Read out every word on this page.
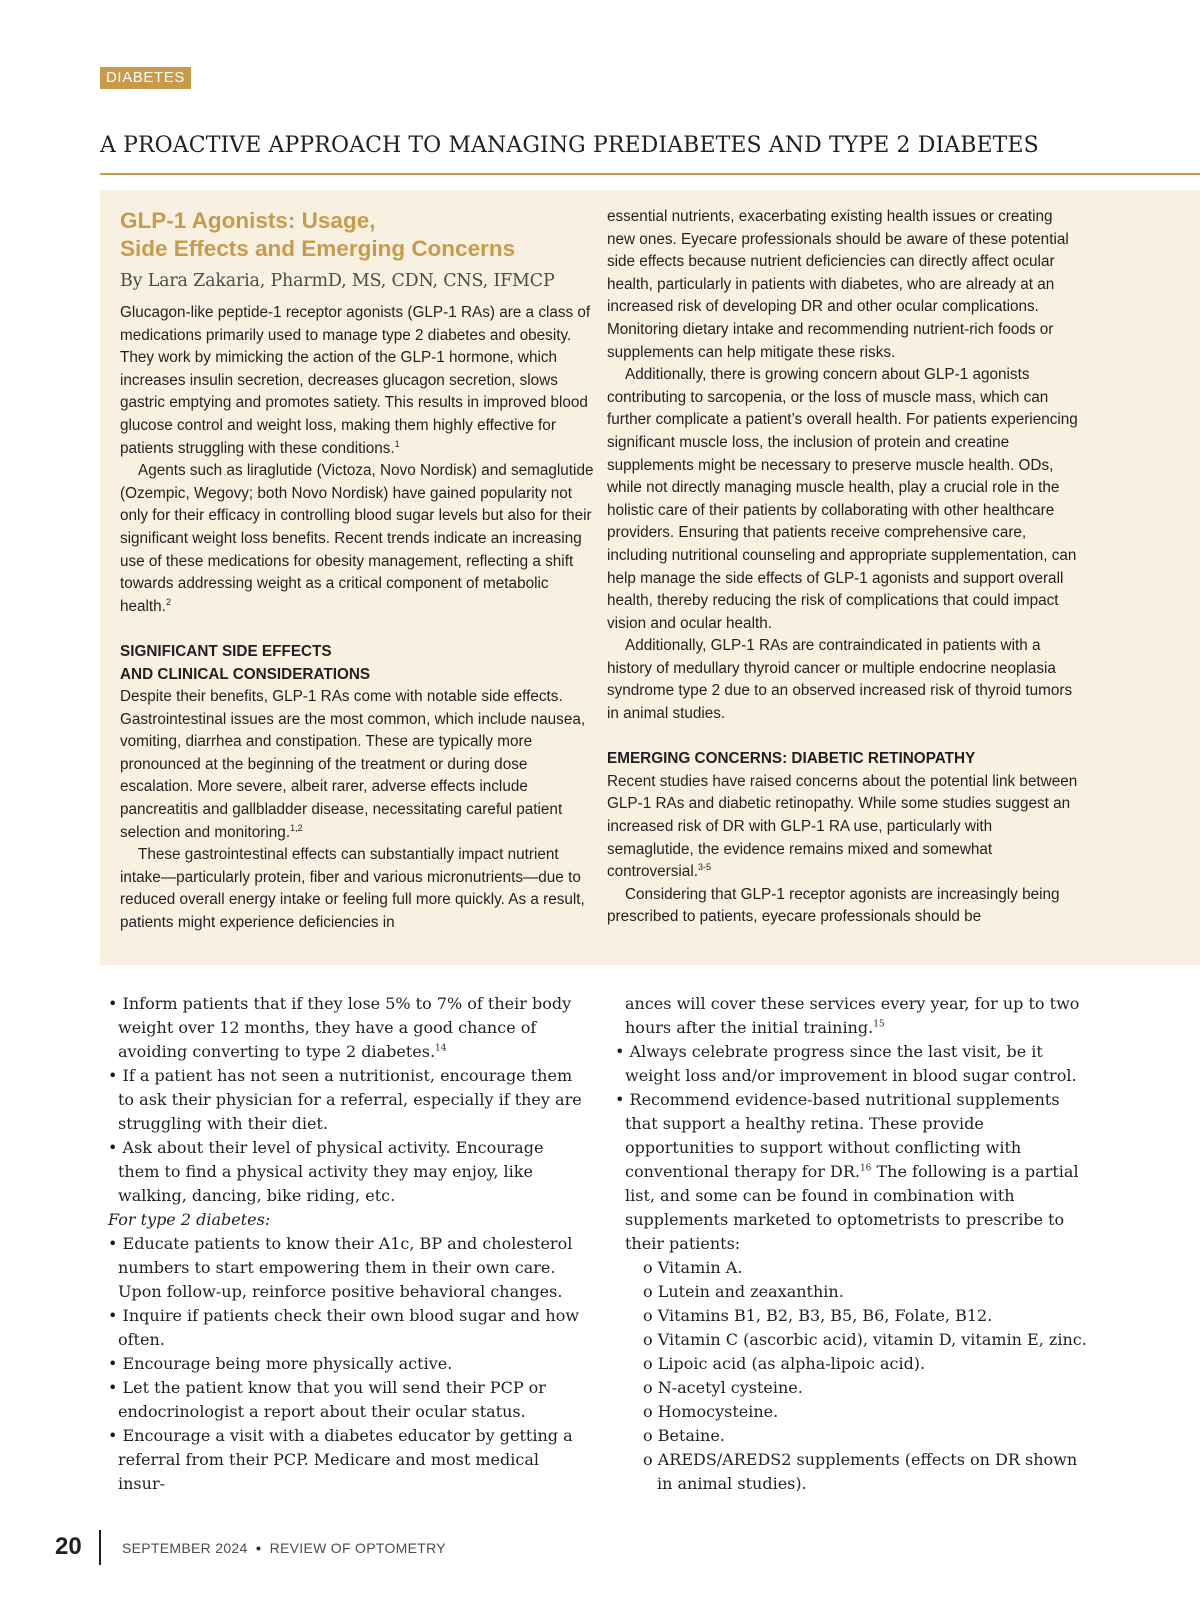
DIABETES
A PROACTIVE APPROACH TO MANAGING PREDIABETES AND TYPE 2 DIABETES
GLP-1 Agonists: Usage,
Side Effects and Emerging Concerns
By Lara Zakaria, PharmD, MS, CDN, CNS, IFMCP

Glucagon-like peptide-1 receptor agonists (GLP-1 RAs) are a class of medications primarily used to manage type 2 diabetes and obesity. They work by mimicking the action of the GLP-1 hormone, which increases insulin secretion, decreases glucagon secretion, slows gastric emptying and promotes satiety. This results in improved blood glucose control and weight loss, making them highly effective for patients struggling with these conditions.$^1$

Agents such as liraglutide (Victoza, Novo Nordisk) and semaglutide (Ozempic, Wegovy; both Novo Nordisk) have gained popularity not only for their efficacy in controlling blood sugar levels but also for their significant weight loss benefits. Recent trends indicate an increasing use of these medications for obesity management, reflecting a shift towards addressing weight as a critical component of metabolic health.$^2$

SIGNIFICANT SIDE EFFECTS
AND CLINICAL CONSIDERATIONS

Despite their benefits, GLP-1 RAs come with notable side effects. Gastrointestinal issues are the most common, which include nausea, vomiting, diarrhea and constipation. These are typically more pronounced at the beginning of the treatment or during dose escalation. More severe, albeit rarer, adverse effects include pancreatitis and gallbladder disease, necessitating careful patient selection and monitoring.$^{1,2}$

These gastrointestinal effects can substantially impact nutrient intake—particularly protein, fiber and various micronutrients—due to reduced overall energy intake or feeling full more quickly. As a result, patients might experience deficiencies in

essential nutrients, exacerbating existing health issues or creating new ones. Eyecare professionals should be aware of these potential side effects because nutrient deficiencies can directly affect ocular health, particularly in patients with diabetes, who are already at an increased risk of developing DR and other ocular complications. Monitoring dietary intake and recommending nutrient-rich foods or supplements can help mitigate these risks.

Additionally, there is growing concern about GLP-1 agonists contributing to sarcopenia, or the loss of muscle mass, which can further complicate a patient’s overall health. For patients experiencing significant muscle loss, the inclusion of protein and creatine supplements might be necessary to preserve muscle health. ODs, while not directly managing muscle health, play a crucial role in the holistic care of their patients by collaborating with other healthcare providers. Ensuring that patients receive comprehensive care, including nutritional counseling and appropriate supplementation, can help manage the side effects of GLP-1 agonists and support overall health, thereby reducing the risk of complications that could impact vision and ocular health.

Additionally, GLP-1 RAs are contraindicated in patients with a history of medullary thyroid cancer or multiple endocrine neoplasia syndrome type 2 due to an observed increased risk of thyroid tumors in animal studies.

EMERGING CONCERNS: DIABETIC RETINOPATHY

Recent studies have raised concerns about the potential link between GLP-1 RAs and diabetic retinopathy. While some studies suggest an increased risk of DR with GLP-1 RA use, particularly with semaglutide, the evidence remains mixed and somewhat controversial.$^{3-5}$

Considering that GLP-1 receptor agonists are increasingly being prescribed to patients, eyecare professionals should be

• Inform patients that if they lose 5% to 7% of their body weight over 12 months, they have a good chance of avoiding converting to type 2 diabetes.$^{14}$

• If a patient has not seen a nutritionist, encourage them to ask their physician for a referral, especially if they are struggling with their diet.

• Ask about their level of physical activity. Encourage them to find a physical activity they may enjoy, like walking, dancing, bike riding, etc.

For type 2 diabetes:

• Educate patients to know their A1c, BP and cholesterol numbers to start empowering them in their own care. Upon follow-up, reinforce positive behavioral changes.

• Inquire if patients check their own blood sugar and how often.

• Encourage being more physically active.

• Let the patient know that you will send their PCP or endocrinologist a report about their ocular status.

• Encourage a visit with a diabetes educator by getting a referral from their PCP. Medicare and most medical insur-

ances will cover these services every year, for up to two hours after the initial training.$^{15}$

• Always celebrate progress since the last visit, be it weight loss and/or improvement in blood sugar control.

• Recommend evidence-based nutritional supplements that support a healthy retina. These provide opportunities to support without conflicting with conventional therapy for DR.$^{16}$ The following is a partial list, and some can be found in combination with supplements marketed to optometrists to prescribe to their patients:

o Vitamin A.

o Lutein and zeaxanthin.

o Vitamins B1, B2, B3, B5, B6, Folate, B12.

o Vitamin C (ascorbic acid), vitamin D, vitamin E, zinc.

o Lipoic acid (as alpha-lipoic acid).

o N-acetyl cysteine.

o Homocysteine.

o Betaine.

o AREDS/AREDS2 supplements (effects on DR shown in animal studies).

20	SEPTEMBER 2024 • REVIEW OF OPTOMETRY
